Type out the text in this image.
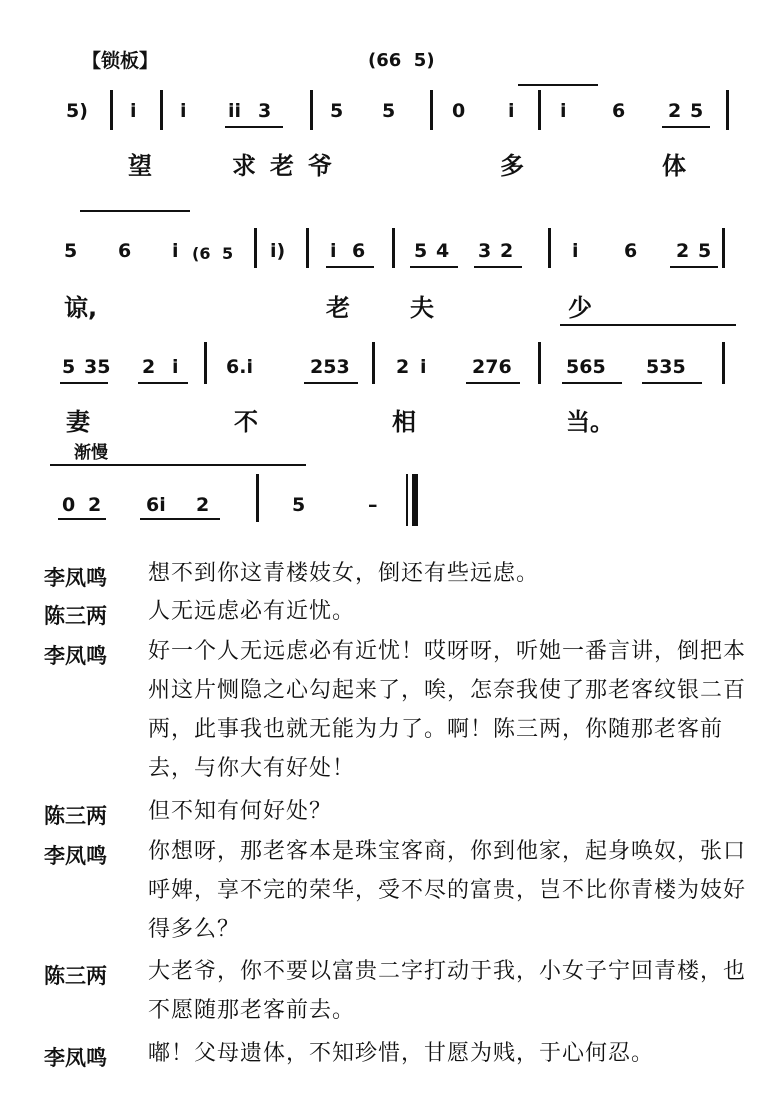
【锁板】	(66  5)
5) i i ii 3	5 5	0 i i 6 2 5
望	求老爷	多	体
5 6 i (6 5 i) i 6	5 4 3 2	i 6 2 5
谅,	老	夫	少
5 35 2 i 6.i	253 2 i 276	565 535
妻	不	相	当。
渐慢
0 2 6i 2	5	–
李凤鸣	想不到你这青楼妓女，倒还有些远虑。
陈三两	人无远虑必有近忧。
李凤鸣	好一个人无远虑必有近忧！哎呀呀，听她一番言讲，倒把本州这片恻隐之心勾起来了，唉，怎奈我使了那老客纹银二百两，此事我也就无能为力了。啊！陈三两，你随那老客前去，与你大有好处！
陈三两	但不知有何好处？
李凤鸣	你想呀，那老客本是珠宝客商，你到他家，起身唤奴，张口呼婢，享不完的荣华，受不尽的富贵，岂不比你青楼为妓好得多么？
陈三两	大老爷，你不要以富贵二字打动于我，小女子宁回青楼，也不愿随那老客前去。
李凤鸣	嘟！父母遗体，不知珍惜，甘愿为贱，于心何忍。
